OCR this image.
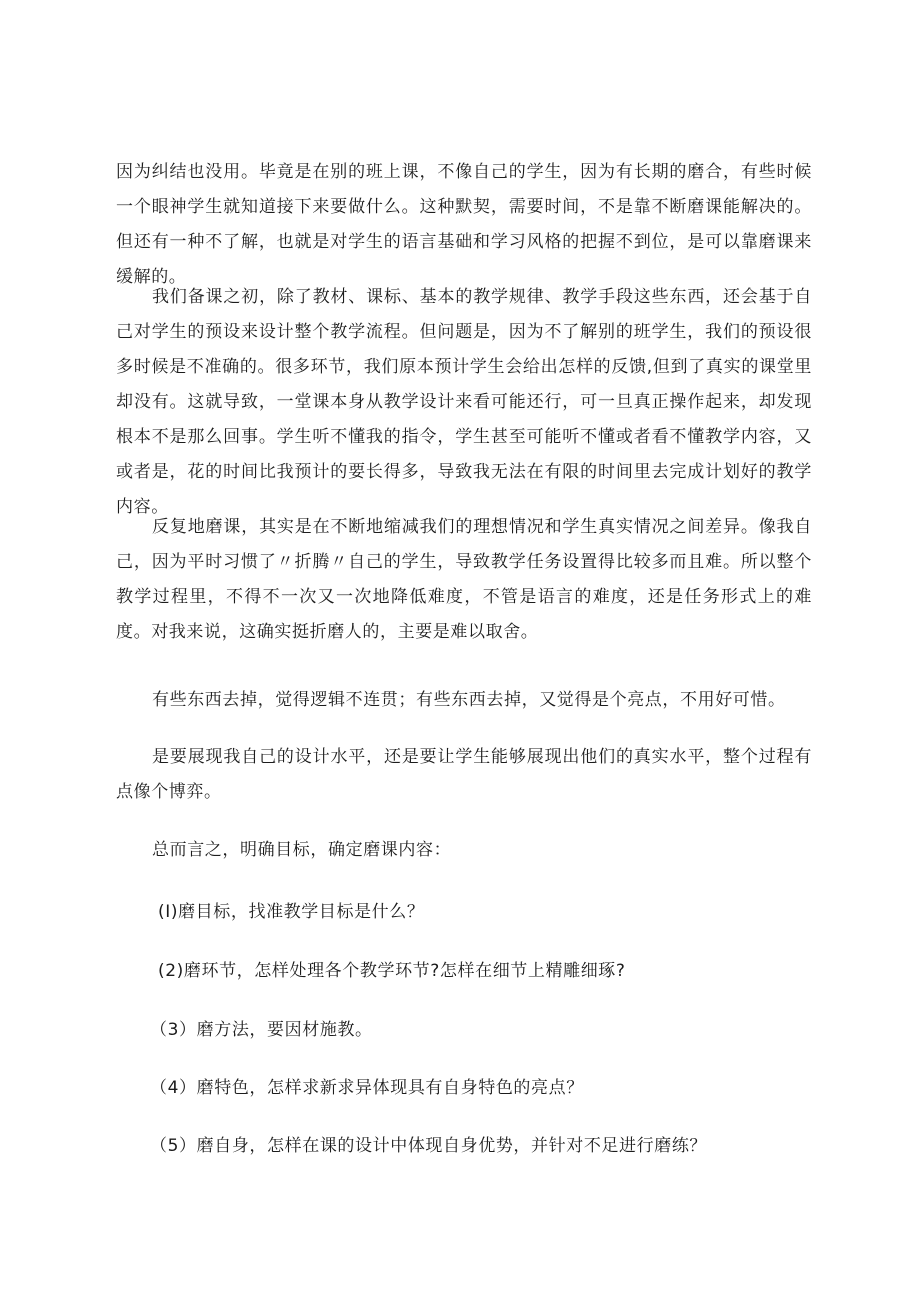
因为纠结也没用。毕竟是在别的班上课，不像自己的学生，因为有长期的磨合，有些时候一个眼神学生就知道接下来要做什么。这种默契，需要时间，不是靠不断磨课能解决的。但还有一种不了解，也就是对学生的语言基础和学习风格的把握不到位，是可以靠磨课来缓解的。

我们备课之初，除了教材、课标、基本的教学规律、教学手段这些东西，还会基于自己对学生的预设来设计整个教学流程。但问题是，因为不了解别的班学生，我们的预设很多时候是不准确的。很多环节，我们原本预计学生会给出怎样的反馈,但到了真实的课堂里却没有。这就导致，一堂课本身从教学设计来看可能还行，可一旦真正操作起来，却发现根本不是那么回事。学生听不懂我的指令，学生甚至可能听不懂或者看不懂教学内容，又或者是，花的时间比我预计的要长得多，导致我无法在有限的时间里去完成计划好的教学内容。

反复地磨课，其实是在不断地缩减我们的理想情况和学生真实情况之间差异。像我自己，因为平时习惯了〃折腾〃自己的学生，导致教学任务设置得比较多而且难。所以整个教学过程里，不得不一次又一次地降低难度，不管是语言的难度，还是任务形式上的难度。对我来说，这确实挺折磨人的，主要是难以取舍。

有些东西去掉，觉得逻辑不连贯；有些东西去掉，又觉得是个亮点，不用好可惜。

是要展现我自己的设计水平，还是要让学生能够展现出他们的真实水平，整个过程有点像个博弈。

总而言之，明确目标，确定磨课内容：

(I)磨目标，找准教学目标是什么？

(2)磨环节，怎样处理各个教学环节?怎样在细节上精雕细琢?

（3）磨方法，要因材施教。

（4）磨特色，怎样求新求异体现具有自身特色的亮点？

（5）磨自身，怎样在课的设计中体现自身优势，并针对不足进行磨练？
